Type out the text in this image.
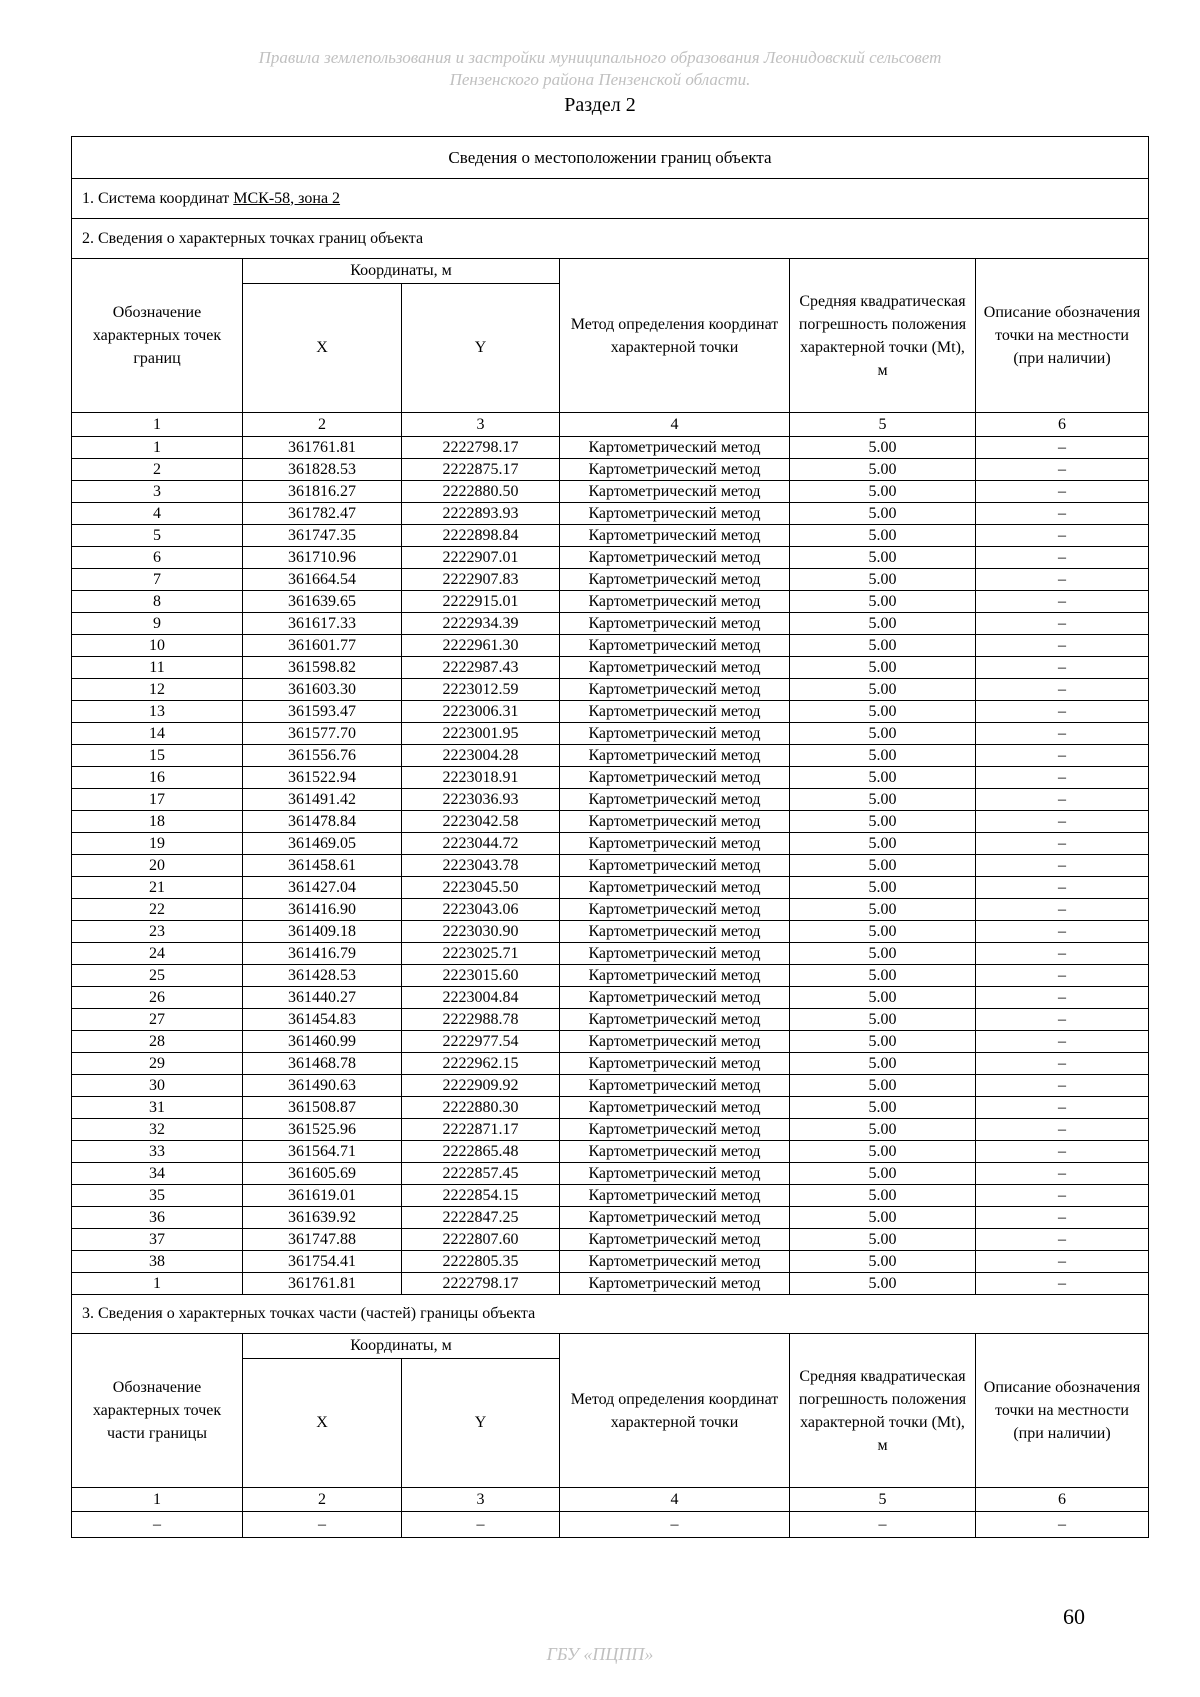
Правила землепользования и застройки муниципального образования Леонидовский сельсовет
Пензенского района Пензенской области.
Раздел 2
Сведения о местоположении границ объекта					
1. Система координат МСК-58, зона 2					
2. Сведения о характерных точках границ объекта					
Обозначение характерных точек границ	Координаты, м		Метод определения координат характерной точки	Средняя квадратическая погрешность положения характерной точки (Mt), м	Описание обозначения точки на местности (при наличии)
	X	Y			
1	2	3	4	5	6
1	361761.81	2222798.17	Картометрический метод	5.00	–
2	361828.53	2222875.17	Картометрический метод	5.00	–
3	361816.27	2222880.50	Картометрический метод	5.00	–
4	361782.47	2222893.93	Картометрический метод	5.00	–
5	361747.35	2222898.84	Картометрический метод	5.00	–
6	361710.96	2222907.01	Картометрический метод	5.00	–
7	361664.54	2222907.83	Картометрический метод	5.00	–
8	361639.65	2222915.01	Картометрический метод	5.00	–
9	361617.33	2222934.39	Картометрический метод	5.00	–
10	361601.77	2222961.30	Картометрический метод	5.00	–
11	361598.82	2222987.43	Картометрический метод	5.00	–
12	361603.30	2223012.59	Картометрический метод	5.00	–
13	361593.47	2223006.31	Картометрический метод	5.00	–
14	361577.70	2223001.95	Картометрический метод	5.00	–
15	361556.76	2223004.28	Картометрический метод	5.00	–
16	361522.94	2223018.91	Картометрический метод	5.00	–
17	361491.42	2223036.93	Картометрический метод	5.00	–
18	361478.84	2223042.58	Картометрический метод	5.00	–
19	361469.05	2223044.72	Картометрический метод	5.00	–
20	361458.61	2223043.78	Картометрический метод	5.00	–
21	361427.04	2223045.50	Картометрический метод	5.00	–
22	361416.90	2223043.06	Картометрический метод	5.00	–
23	361409.18	2223030.90	Картометрический метод	5.00	–
24	361416.79	2223025.71	Картометрический метод	5.00	–
25	361428.53	2223015.60	Картометрический метод	5.00	–
26	361440.27	2223004.84	Картометрический метод	5.00	–
27	361454.83	2222988.78	Картометрический метод	5.00	–
28	361460.99	2222977.54	Картометрический метод	5.00	–
29	361468.78	2222962.15	Картометрический метод	5.00	–
30	361490.63	2222909.92	Картометрический метод	5.00	–
31	361508.87	2222880.30	Картометрический метод	5.00	–
32	361525.96	2222871.17	Картометрический метод	5.00	–
33	361564.71	2222865.48	Картометрический метод	5.00	–
34	361605.69	2222857.45	Картометрический метод	5.00	–
35	361619.01	2222854.15	Картометрический метод	5.00	–
36	361639.92	2222847.25	Картометрический метод	5.00	–
37	361747.88	2222807.60	Картометрический метод	5.00	–
38	361754.41	2222805.35	Картометрический метод	5.00	–
1	361761.81	2222798.17	Картометрический метод	5.00	–
3. Сведения о характерных точках части (частей) границы объекта					
Обозначение характерных точек части границы	Координаты, м		Метод определения координат характерной точки	Средняя квадратическая погрешность положения характерной точки (Mt), м	Описание обозначения точки на местности (при наличии)
	X	Y			
1	2	3	4	5	6
–	–	–	–	–	–
60
ГБУ «ПЦПП»
